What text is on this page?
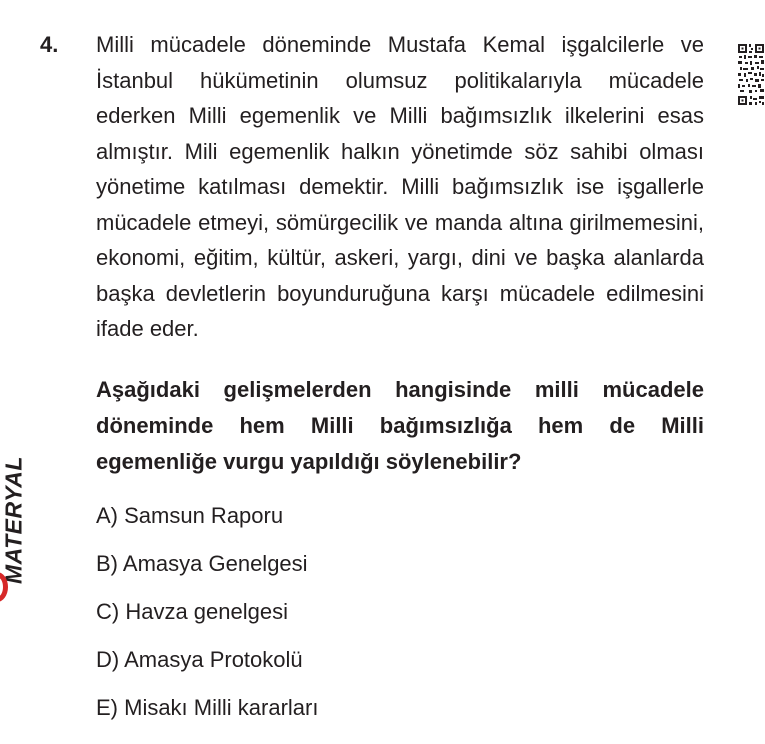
4. Milli mücadele döneminde Mustafa Kemal işgalcilerle ve İstanbul hükümetinin olumsuz politikalarıyla mücadele ederken Milli egemenlik ve Milli bağımsızlık ilkelerini esas almıştır. Mili egemenlik halkın yönetimde söz sahibi olması yönetime katılması demektir. Milli bağımsızlık ise işgallerle mücadele etmeyi, sömürgecilik ve manda altına girilmemesini, ekonomi, eğitim, kültür, askeri, yargı, dini ve başka alanlarda başka devletlerin boyunduruğuna karşı mücadele edilmesini ifade eder.

Aşağıdaki gelişmelerden hangisinde milli mücadele döneminde hem Milli bağımsızlığa hem de Milli egemenliğe vurgu yapıldığı söylenebilir?

A) Samsun Raporu
B) Amasya Genelgesi
C) Havza genelgesi
D) Amasya Protokolü
E) Misakı Milli kararları
MATERYAL
